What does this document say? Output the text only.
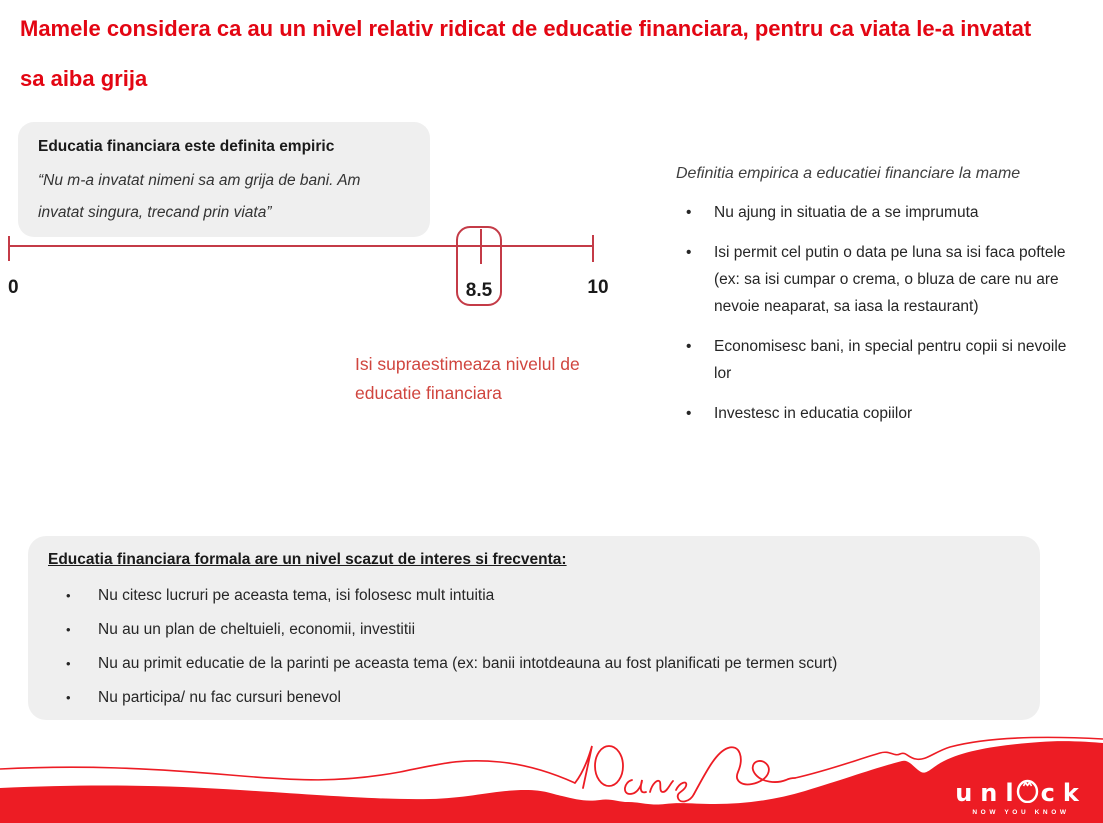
Mamele considera ca au un nivel relativ ridicat de educatie financiara, pentru ca viata le-a invatat sa aiba grija

Educatia financiara este definita empiric

“Nu m-a invatat nimeni sa am grija de bani. Am invatat singura, trecand prin viata”

0	8.5	10
Isi supraestimeaza nivelul de educatie financiara
Definitia empirica a educatiei financiare la mame
• Nu ajung in situatia de a se imprumuta
• Isi permit cel putin o data pe luna sa isi faca poftele (ex: sa isi cumpar o crema, o bluza de care nu are nevoie neaparat, sa iasa la restaurant)
• Economisesc bani, in special pentru copii si nevoile lor
• Investesc in educatia copiilor

Educatia financiara formala are un nivel scazut de interes si frecventa:

• Nu citesc lucruri pe aceasta tema, isi folosesc mult intuitia
• Nu au un plan de cheltuieli, economii, investitii
• Nu au primit educatie de la parinti pe aceasta tema (ex: banii intotdeauna au fost planificati pe termen scurt)
• Nu participa/ nu fac cursuri benevol
unl ck
NOW YOU KNOW
